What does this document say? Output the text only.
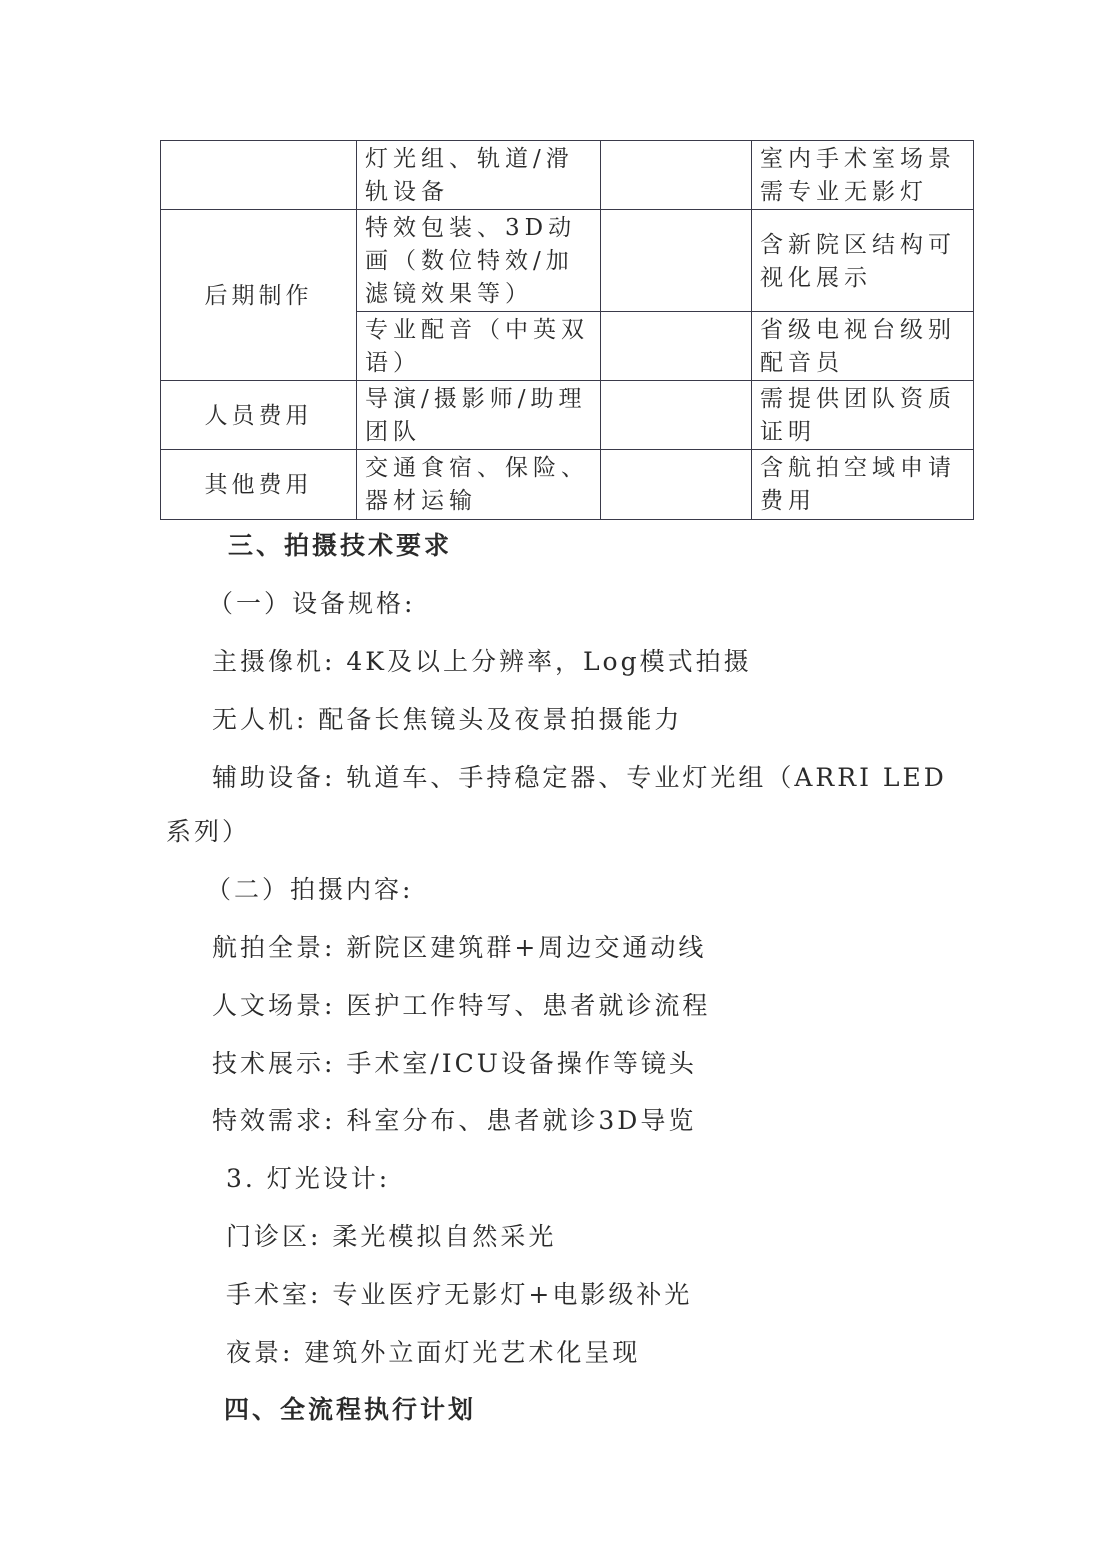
	灯光组、轨道/滑轨设备		室内手术室场景需专业无影灯
后期制作	特效包装、3D动画（数位特效/加滤镜效果等）		含新院区结构可视化展示
	专业配音（中英双语）		省级电视台级别配音员
人员费用	导演/摄影师/助理团队		需提供团队资质证明
其他费用	交通食宿、保险、器材运输		含航拍空域申请费用
三、拍摄技术要求
（一）设备规格:
主摄像机: 4K及以上分辨率，Log模式拍摄
无人机: 配备长焦镜头及夜景拍摄能力
辅助设备: 轨道车、手持稳定器、专业灯光组（ARRI LED
系列）
（二）拍摄内容:
航拍全景: 新院区建筑群+周边交通动线
人文场景: 医护工作特写、患者就诊流程
技术展示: 手术室/ICU设备操作等镜头
特效需求: 科室分布、患者就诊3D导览
3. 灯光设计:
门诊区: 柔光模拟自然采光
手术室: 专业医疗无影灯+电影级补光
夜景: 建筑外立面灯光艺术化呈现
四、全流程执行计划
